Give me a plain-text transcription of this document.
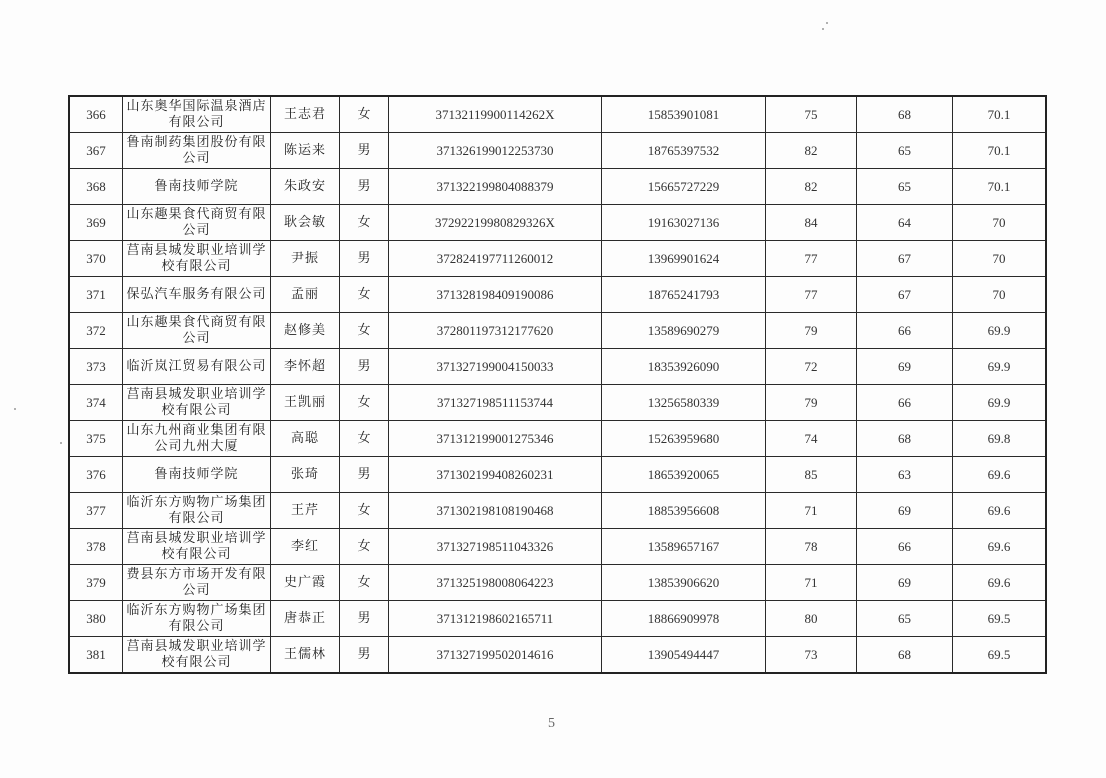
366	山东奥华国际温泉酒店有限公司	王志君	女	37132119900114262X	15853901081	75	68	70.1
367	鲁南制药集团股份有限公司	陈运来	男	371326199012253730	18765397532	82	65	70.1
368	鲁南技师学院	朱政安	男	371322199804088379	15665727229	82	65	70.1
369	山东趣果食代商贸有限公司	耿会敏	女	37292219980829326X	19163027136	84	64	70
370	莒南县城发职业培训学校有限公司	尹振	男	372824197711260012	13969901624	77	67	70
371	保弘汽车服务有限公司	孟丽	女	371328198409190086	18765241793	77	67	70
372	山东趣果食代商贸有限公司	赵修美	女	372801197312177620	13589690279	79	66	69.9
373	临沂岚江贸易有限公司	李怀超	男	371327199004150033	18353926090	72	69	69.9
374	莒南县城发职业培训学校有限公司	王凯丽	女	371327198511153744	13256580339	79	66	69.9
375	山东九州商业集团有限公司九州大厦	高聪	女	371312199001275346	15263959680	74	68	69.8
376	鲁南技师学院	张琦	男	371302199408260231	18653920065	85	63	69.6
377	临沂东方购物广场集团有限公司	王芹	女	371302198108190468	18853956608	71	69	69.6
378	莒南县城发职业培训学校有限公司	李红	女	371327198511043326	13589657167	78	66	69.6
379	费县东方市场开发有限公司	史广霞	女	371325198008064223	13853906620	71	69	69.6
380	临沂东方购物广场集团有限公司	唐恭正	男	371312198602165711	18866909978	80	65	69.5
381	莒南县城发职业培训学校有限公司	王儒林	男	371327199502014616	13905494447	73	68	69.5
5
